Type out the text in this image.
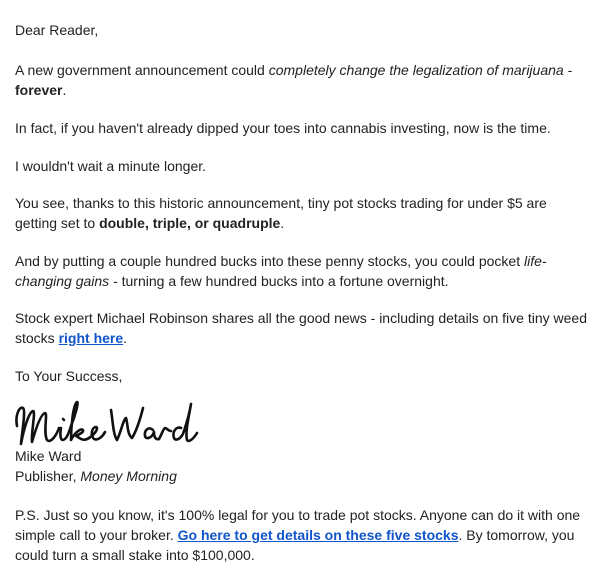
Dear Reader,

A new government announcement could completely change the legalization of marijuana - forever.

In fact, if you haven't already dipped your toes into cannabis investing, now is the time.

I wouldn't wait a minute longer.

You see, thanks to this historic announcement, tiny pot stocks trading for under $5 are getting set to double, triple, or quadruple.

And by putting a couple hundred bucks into these penny stocks, you could pocket life-changing gains - turning a few hundred bucks into a fortune overnight.

Stock expert Michael Robinson shares all the good news - including details on five tiny weed stocks right here.

To Your Success,

Mike Ward

Publisher, Money Morning

P.S. Just so you know, it's 100% legal for you to trade pot stocks. Anyone can do it with one simple call to your broker. Go here to get details on these five stocks. By tomorrow, you could turn a small stake into $100,000.
